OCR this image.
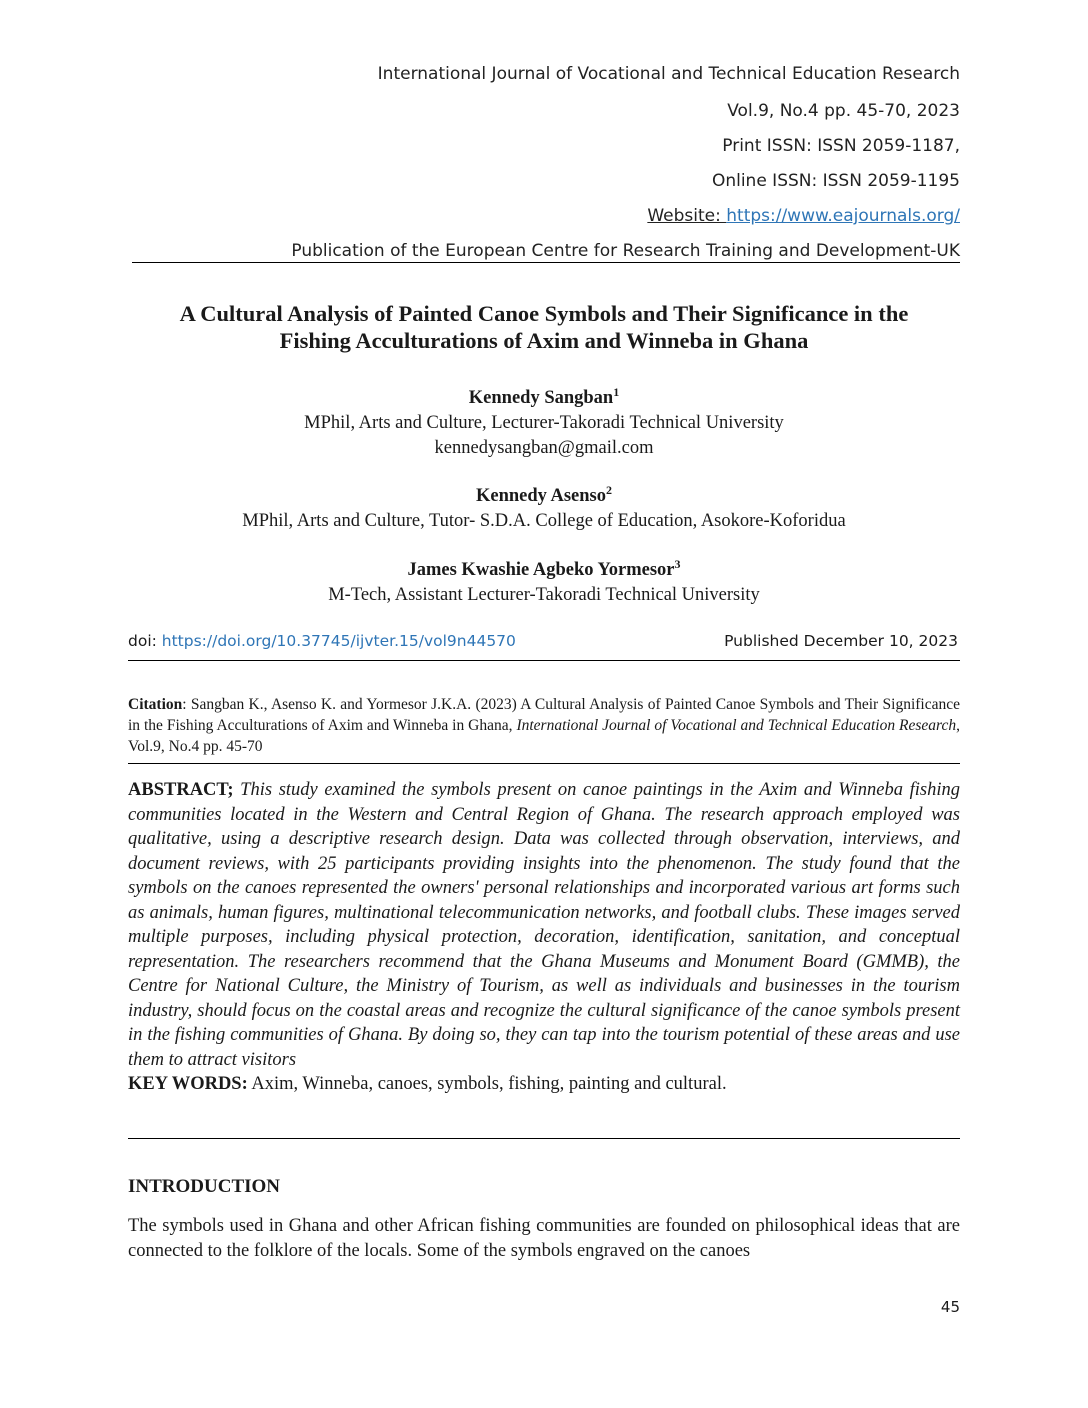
International Journal of Vocational and Technical Education Research
Vol.9, No.4 pp. 45-70, 2023
Print ISSN: ISSN 2059-1187,
Online ISSN: ISSN 2059-1195
Website: https://www.eajournals.org/
Publication of the European Centre for Research Training and Development-UK
A Cultural Analysis of Painted Canoe Symbols and Their Significance in the
Fishing Acculturations of Axim and Winneba in Ghana
Kennedy Sangban$^1$
MPhil, Arts and Culture, Lecturer-Takoradi Technical University
kennedysangban@gmail.com
Kennedy Asenso$^2$
MPhil, Arts and Culture, Tutor- S.D.A. College of Education, Asokore-Koforidua
James Kwashie Agbeko Yormesor$^3$
M-Tech, Assistant Lecturer-Takoradi Technical University
doi: https://doi.org/10.37745/ijvter.15/vol9n44570	Published December 10, 2023
Citation: Sangban K., Asenso K. and Yormesor J.K.A. (2023) A Cultural Analysis of Painted Canoe Symbols and Their Significance in the Fishing Acculturations of Axim and Winneba in Ghana, International Journal of Vocational and Technical Education Research, Vol.9, No.4 pp. 45-70
ABSTRACT; This study examined the symbols present on canoe paintings in the Axim and Winneba fishing communities located in the Western and Central Region of Ghana. The research approach employed was qualitative, using a descriptive research design. Data was collected through observation, interviews, and document reviews, with 25 participants providing insights into the phenomenon. The study found that the symbols on the canoes represented the owners' personal relationships and incorporated various art forms such as animals, human figures, multinational telecommunication networks, and football clubs. These images served multiple purposes, including physical protection, decoration, identification, sanitation, and conceptual representation. The researchers recommend that the Ghana Museums and Monument Board (GMMB), the Centre for National Culture, the Ministry of Tourism, as well as individuals and businesses in the tourism industry, should focus on the coastal areas and recognize the cultural significance of the canoe symbols present in the fishing communities of Ghana. By doing so, they can tap into the tourism potential of these areas and use them to attract visitors
KEY WORDS: Axim, Winneba, canoes, symbols, fishing, painting and cultural.
INTRODUCTION
The symbols used in Ghana and other African fishing communities are founded on philosophical ideas that are connected to the folklore of the locals. Some of the symbols engraved on the canoes
45
